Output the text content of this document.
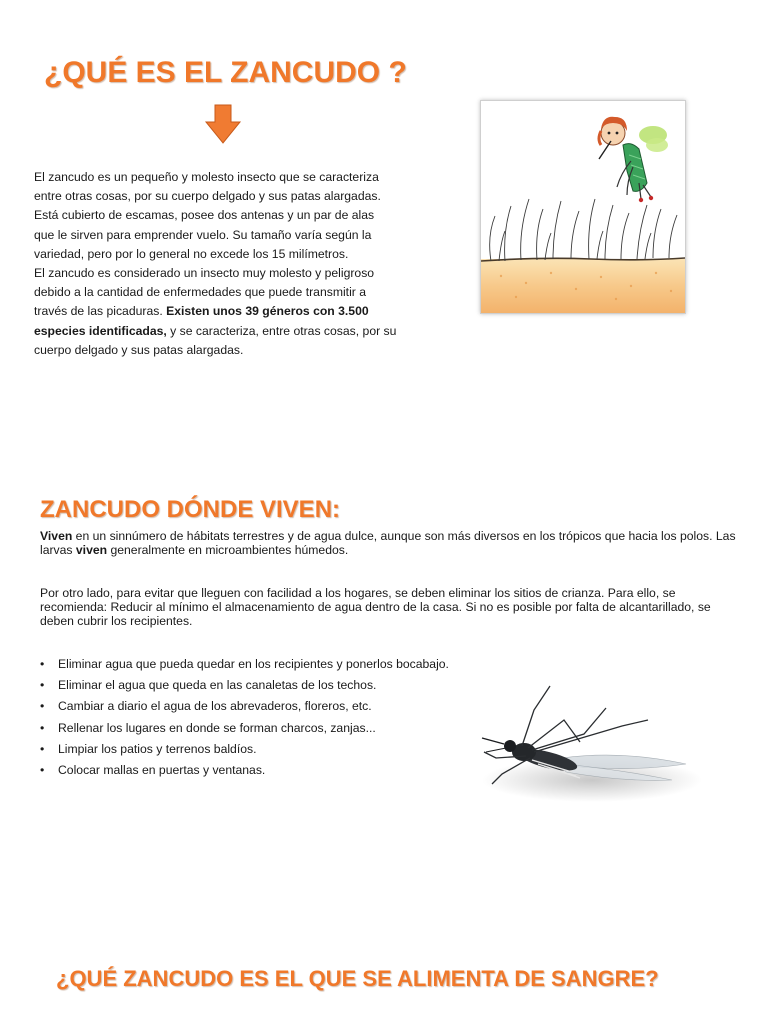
¿QUÉ ES EL ZANCUDO ?

El zancudo es un pequeño y molesto insecto que se caracteriza
entre otras cosas, por su cuerpo delgado y sus patas alargadas.
Está cubierto de escamas, posee dos antenas y un par de alas
que le sirven para emprender vuelo. Su tamaño varía según la
variedad, pero por lo general no excede los 15 milímetros.
El zancudo es considerado un insecto muy molesto y peligroso
debido a la cantidad de enfermedades que puede transmitir a
través de las picaduras. Existen unos 39 géneros con 3.500
especies identificadas, y se caracteriza, entre otras cosas, por su
cuerpo delgado y sus patas alargadas.

ZANCUDO DÓNDE VIVEN:

Viven en un sinnúmero de hábitats terrestres y de agua dulce, aunque son más diversos en los trópicos que hacia los polos. Las larvas viven generalmente en microambientes húmedos.

Por otro lado, para evitar que lleguen con facilidad a los hogares, se deben eliminar los sitios de crianza. Para ello, se recomienda: Reducir al mínimo el almacenamiento de agua dentro de la casa. Si no es posible por falta de alcantarillado, se deben cubrir los recipientes.

• Eliminar agua que pueda quedar en los recipientes y ponerlos bocabajo.
• Eliminar el agua que queda en las canaletas de los techos.
• Cambiar a diario el agua de los abrevaderos, floreros, etc.
• Rellenar los lugares en donde se forman charcos, zanjas...
• Limpiar los patios y terrenos baldíos.
• Colocar mallas en puertas y ventanas.
¿QUÉ ZANCUDO ES EL QUE SE ALIMENTA DE SANGRE?
